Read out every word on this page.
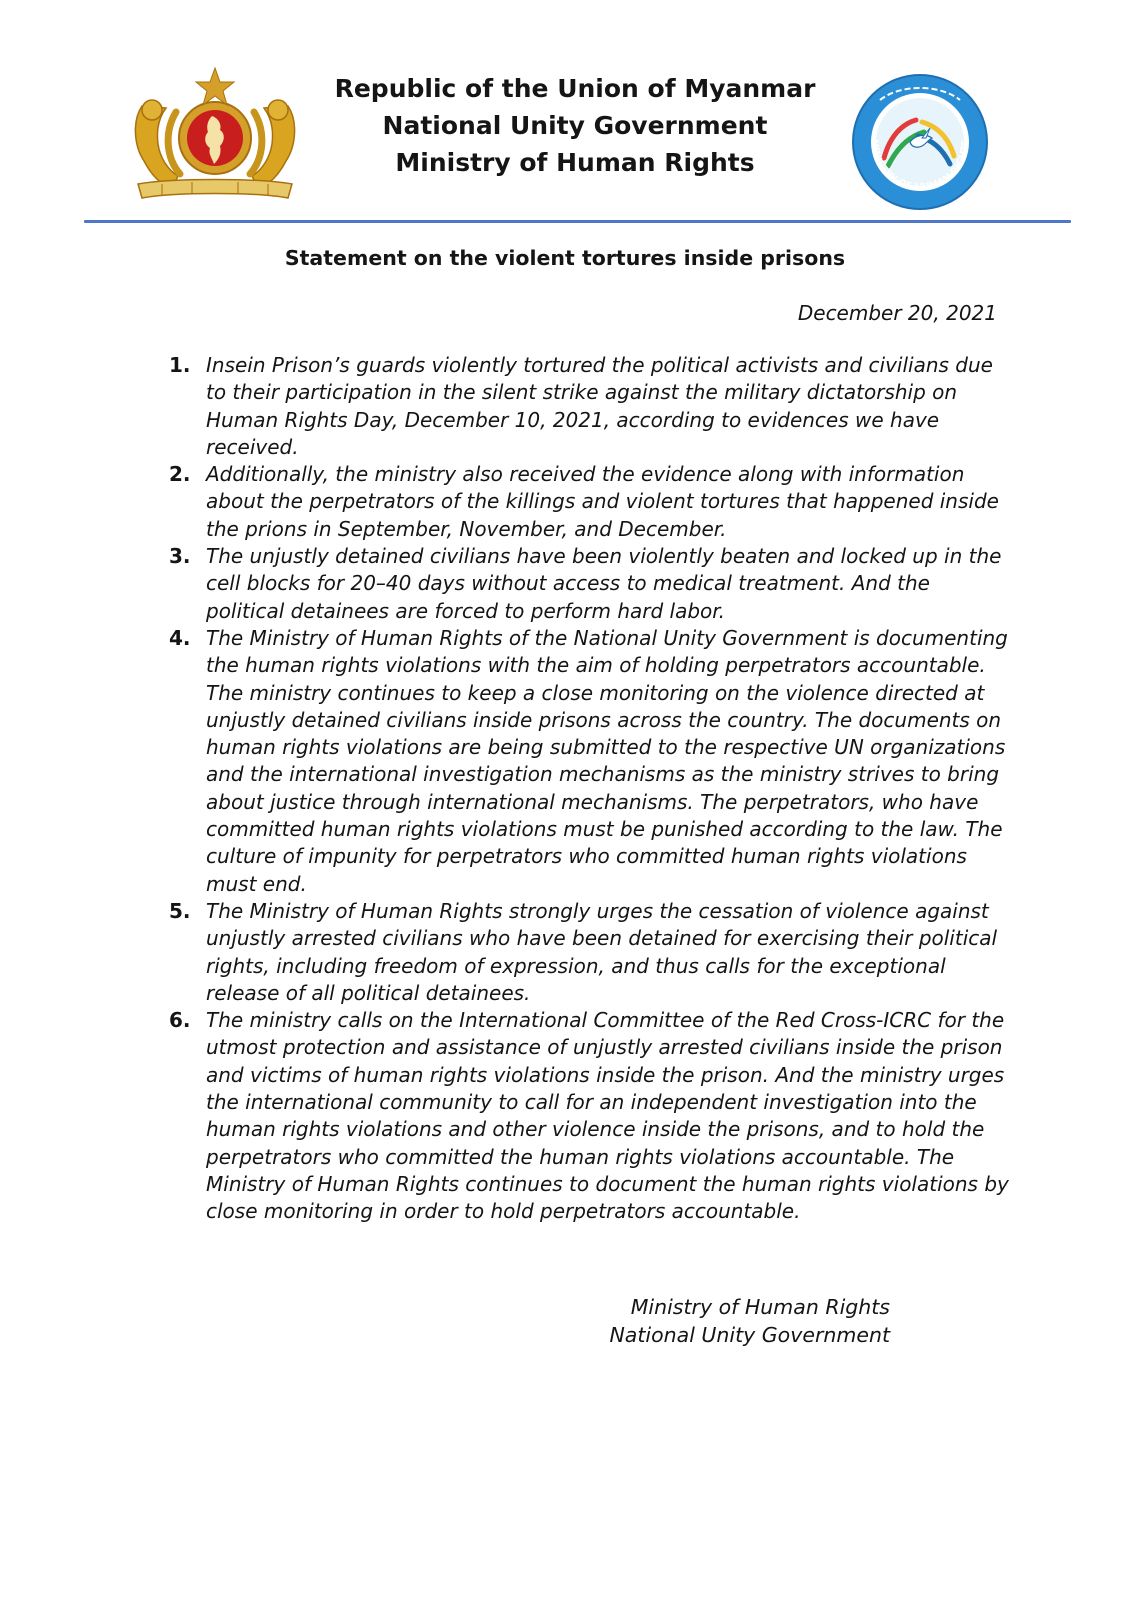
Republic of the Union of Myanmar
National Unity Government
Ministry of Human Rights
MINISTRY OF HUMAN RIGHTS
Statement on the violent tortures inside prisons
December 20, 2021
1. Insein Prison’s guards violently tortured the political activists and civilians due to their participation in the silent strike against the military dictatorship on Human Rights Day, December 10, 2021, according to evidences we have received.
2. Additionally, the ministry also received the evidence along with information about the perpetrators of the killings and violent tortures that happened inside the prions in September, November, and December.
3. The unjustly detained civilians have been violently beaten and locked up in the cell blocks for 20–40 days without access to medical treatment. And the political detainees are forced to perform hard labor.
4. The Ministry of Human Rights of the National Unity Government is documenting the human rights violations with the aim of holding perpetrators accountable. The ministry continues to keep a close monitoring on the violence directed at unjustly detained civilians inside prisons across the country. The documents on human rights violations are being submitted to the respective UN organizations and the international investigation mechanisms as the ministry strives to bring about justice through international mechanisms. The perpetrators, who have committed human rights violations must be punished according to the law. The culture of impunity for perpetrators who committed human rights violations must end.
5. The Ministry of Human Rights strongly urges the cessation of violence against unjustly arrested civilians who have been detained for exercising their political rights, including freedom of expression, and thus calls for the exceptional release of all political detainees.
6. The ministry calls on the International Committee of the Red Cross-ICRC for the utmost protection and assistance of unjustly arrested civilians inside the prison and victims of human rights violations inside the prison. And the ministry urges the international community to call for an independent investigation into the human rights violations and other violence inside the prisons, and to hold the perpetrators who committed the human rights violations accountable. The Ministry of Human Rights continues to document the human rights violations by close monitoring in order to hold perpetrators accountable.
Ministry of Human Rights
National Unity Government
